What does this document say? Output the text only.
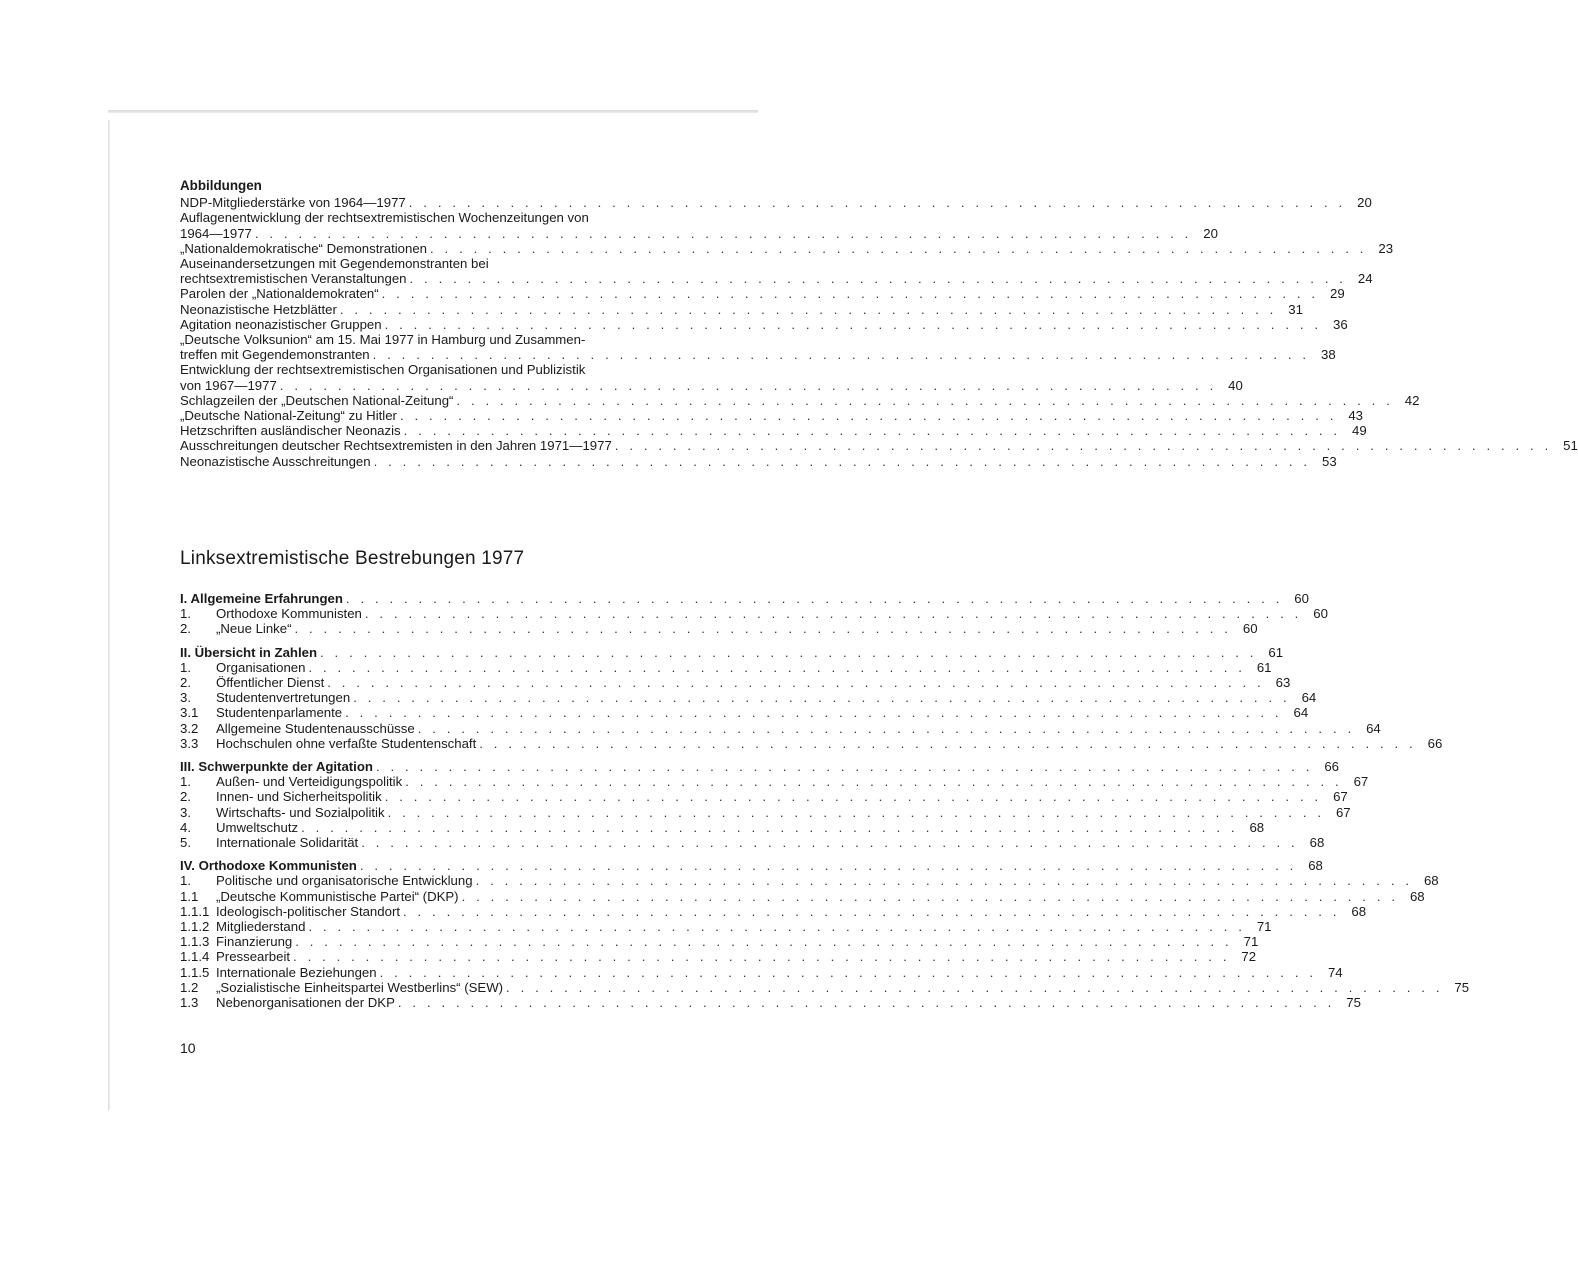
Abbildungen
NDP-Mitgliederstärke von 1964—1977 . . .	20
Auflagenentwicklung der rechtsextremistischen Wochenzeitungen von
1964—1977 . . .	20
„Nationaldemokratische“ Demonstrationen . . .	23
Auseinandersetzungen mit Gegendemonstranten bei
rechtsextremistischen Veranstaltungen . . .	24
Parolen der „Nationaldemokraten“ . . .	29
Neonazistische Hetzblätter . . .	31
Agitation neonazistischer Gruppen . . .	36
„Deutsche Volksunion“ am 15. Mai 1977 in Hamburg und Zusammen-
treffen mit Gegendemonstranten . . .	38
Entwicklung der rechtsextremistischen Organisationen und Publizistik
von 1967—1977 . . .	40
Schlagzeilen der „Deutschen National-Zeitung“ . . .	42
„Deutsche National-Zeitung“ zu Hitler . . .	43
Hetzschriften ausländischer Neonazis . . .	49
Ausschreitungen deutscher Rechtsextremisten in den Jahren 1971—1977 . . .	51
Neonazistische Ausschreitungen . . .	53
Linksextremistische Bestrebungen 1977
I. Allgemeine Erfahrungen . . .	60
1.	Orthodoxe Kommunisten . . .	60
2.	„Neue Linke“ . . .	60
II. Übersicht in Zahlen . . .	61
1.	Organisationen . . .	61
2.	Öffentlicher Dienst . . .	63
3.	Studentenvertretungen . . .	64
3.1	Studentenparlamente . . .	64
3.2	Allgemeine Studentenausschüsse . . .	64
3.3	Hochschulen ohne verfaßte Studentenschaft . . .	66
III. Schwerpunkte der Agitation . . .	66
1.	Außen- und Verteidigungspolitik . . .	67
2.	Innen- und Sicherheitspolitik . . .	67
3.	Wirtschafts- und Sozialpolitik . . .	67
4.	Umweltschutz . . .	68
5.	Internationale Solidarität . . .	68
IV. Orthodoxe Kommunisten . . .	68
1.	Politische und organisatorische Entwicklung . . .	68
1.1	„Deutsche Kommunistische Partei“ (DKP) . . .	68
1.1.1 Ideologisch-politischer Standort . . .	68
1.1.2 Mitgliederstand . . .	71
1.1.3 Finanzierung . . .	71
1.1.4 Pressearbeit . . .	72
1.1.5 Internationale Beziehungen . . .	74
1.2	„Sozialistische Einheitspartei Westberlins“ (SEW) . . .	75
1.3	Nebenorganisationen der DKP . . .	75
10
